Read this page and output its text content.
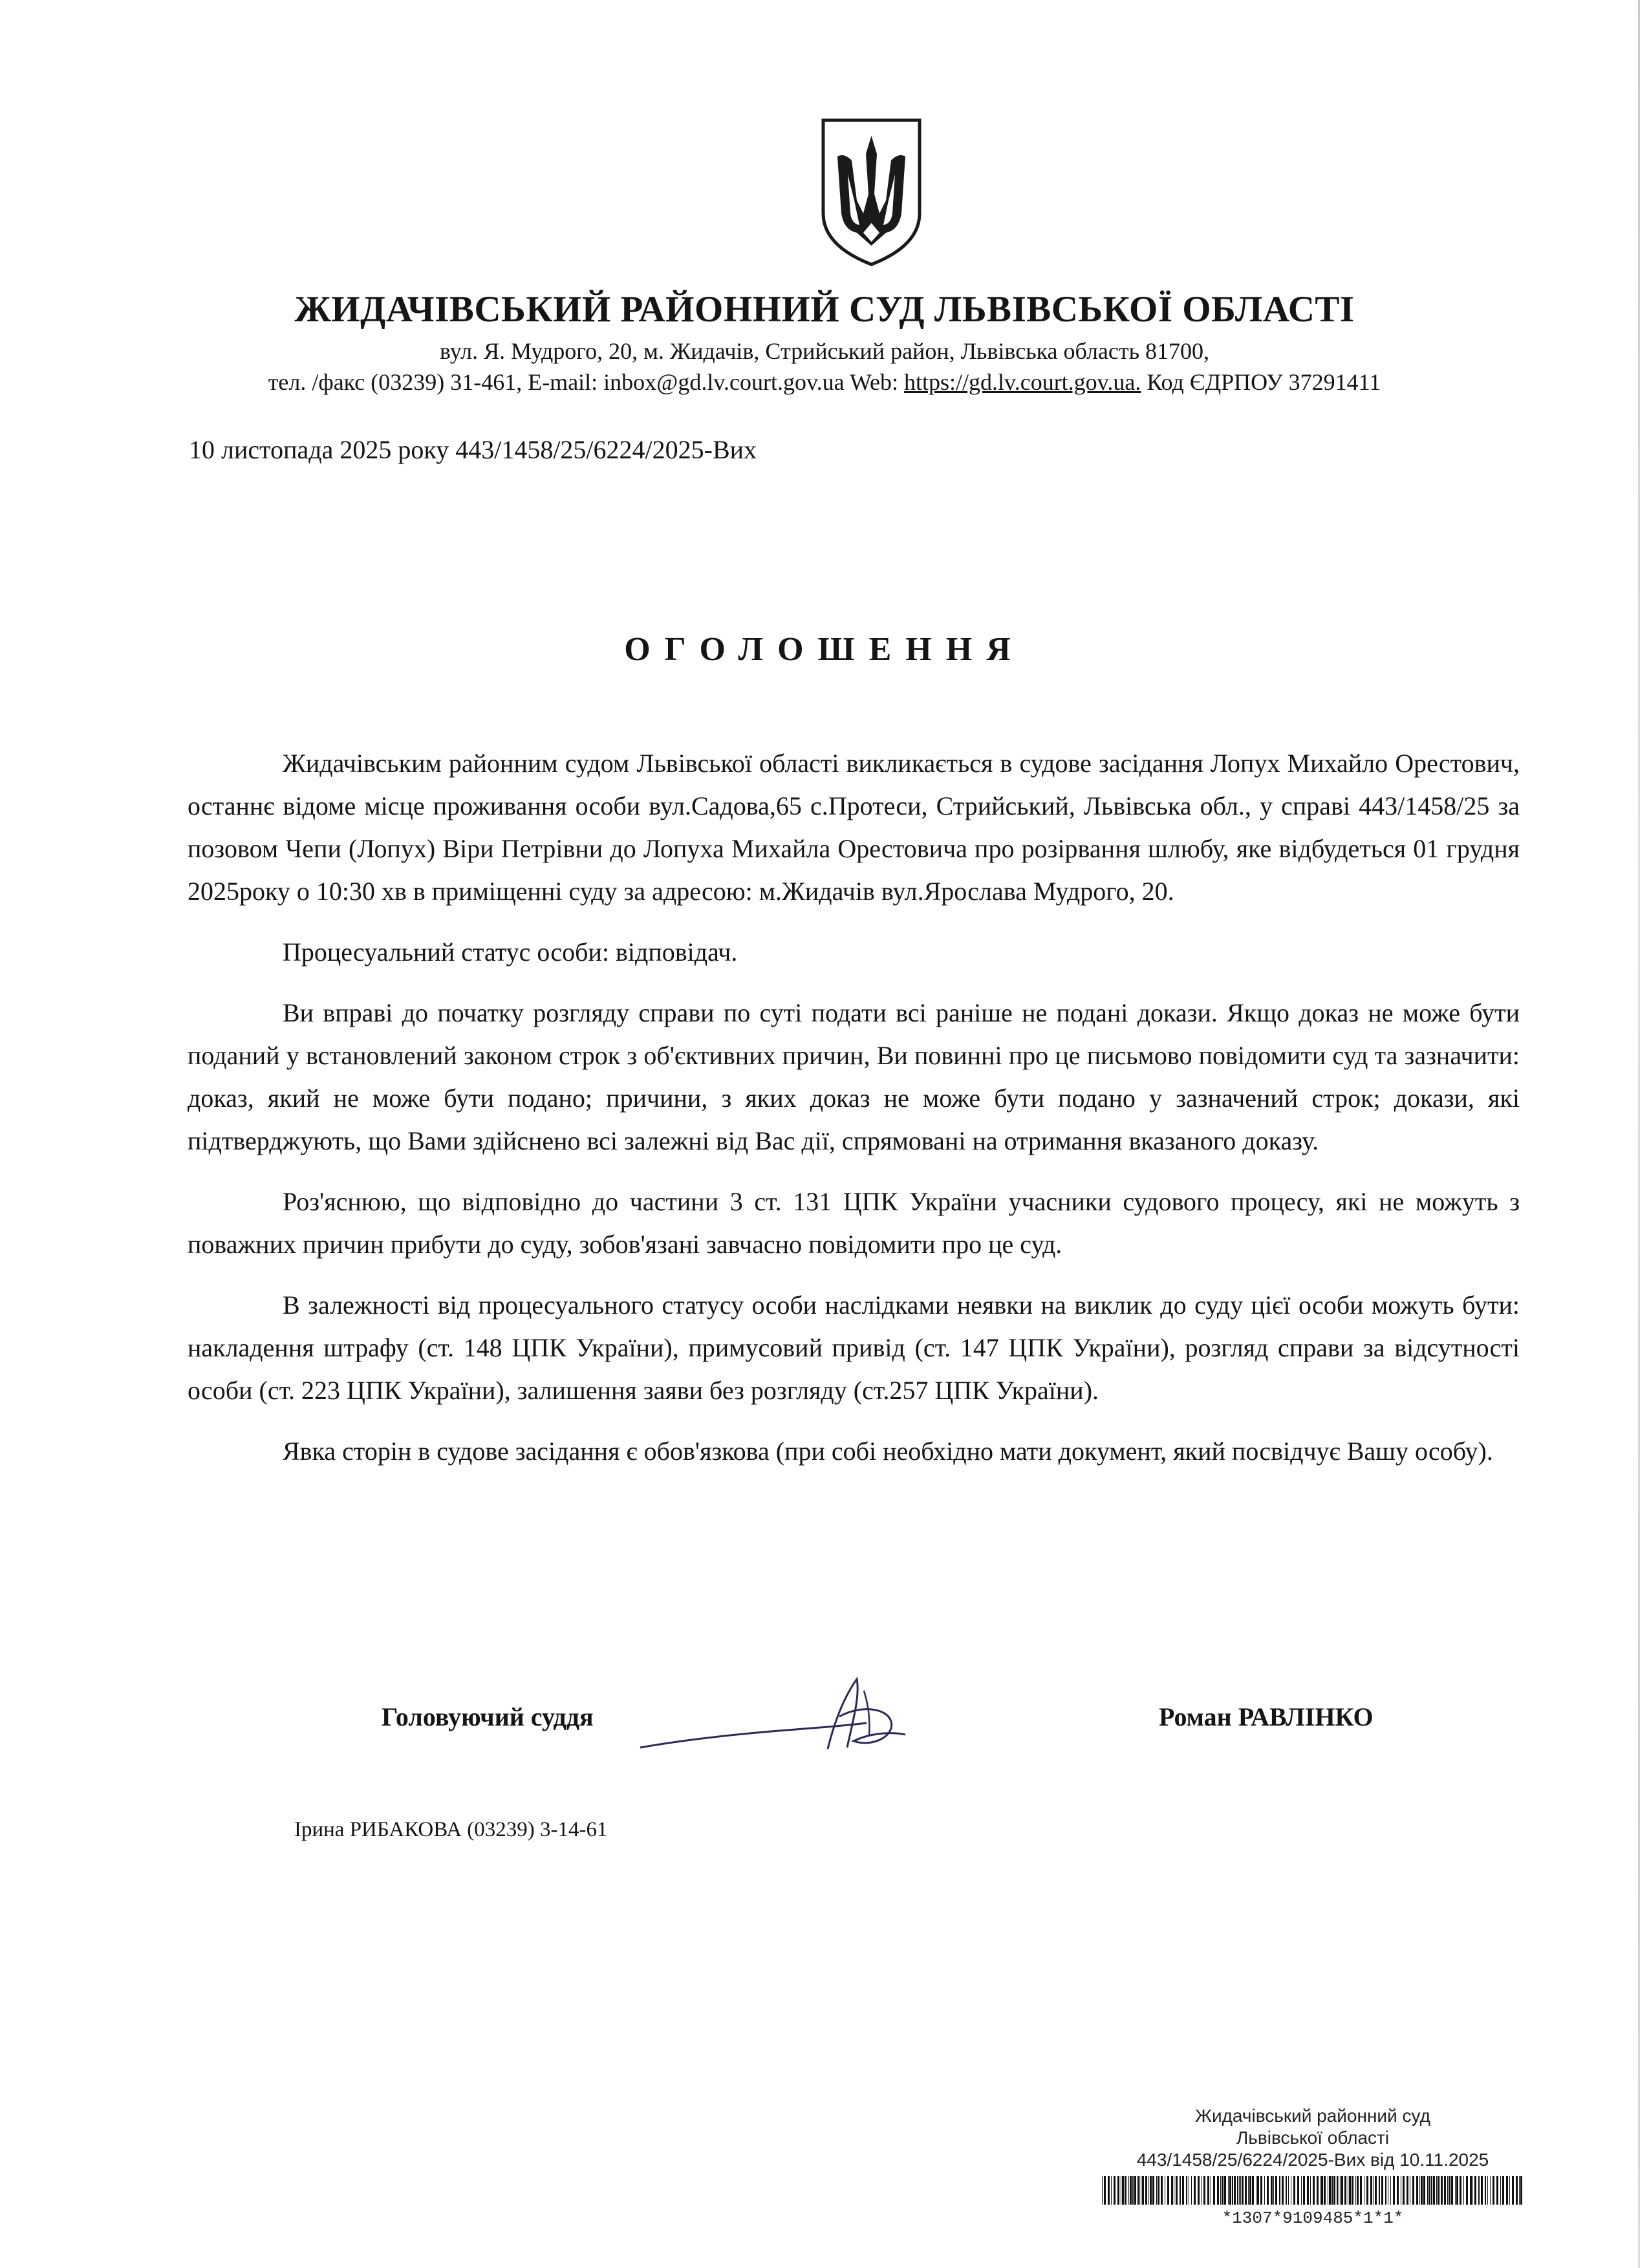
ЖИДАЧІВСЬКИЙ РАЙОННИЙ СУД ЛЬВІВСЬКОЇ ОБЛАСТІ
вул. Я. Мудрого, 20, м. Жидачів, Стрийський район, Львівська область 81700,
тел. /факс (03239) 31-461, E-mail: inbox@gd.lv.court.gov.ua Web: https://gd.lv.court.gov.ua. Код ЄДРПОУ 37291411
10 листопада 2025 року 443/1458/25/6224/2025-Вих
ОГОЛОШЕННЯ

Жидачівським районним судом Львівської області викликається в судове засідання Лопух Михайло Орестович, останнє відоме місце проживання особи вул.Садова,65 с.Протеси, Стрийський, Львівська обл., у справі 443/1458/25 за позовом Чепи (Лопух) Віри Петрівни до Лопуха Михайла Орестовича про розірвання шлюбу, яке відбудеться 01 грудня 2025року о 10:30 хв в приміщенні суду за адресою: м.Жидачів вул.Ярослава Мудрого, 20.

Процесуальний статус особи: відповідач.

Ви вправі до початку розгляду справи по суті подати всі раніше не подані докази. Якщо доказ не може бути поданий у встановлений законом строк з об'єктивних причин, Ви повинні про це письмово повідомити суд та зазначити: доказ, який не може бути подано; причини, з яких доказ не може бути подано у зазначений строк; докази, які підтверджують, що Вами здійснено всі залежні від Вас дії, спрямовані на отримання вказаного доказу.

Роз'яснюю, що відповідно до частини 3 ст. 131 ЦПК України учасники судового процесу, які не можуть з поважних причин прибути до суду, зобов'язані завчасно повідомити про це суд.

В залежності від процесуального статусу особи наслідками неявки на виклик до суду цієї особи можуть бути: накладення штрафу (ст. 148 ЦПК України), примусовий привід (ст. 147 ЦПК України), розгляд справи за відсутності особи (ст. 223 ЦПК України), залишення заяви без розгляду (ст.257 ЦПК України).

Явка сторін в судове засідання є обов'язкова (при собі необхідно мати документ, який посвідчує Вашу особу).

Головуючий суддя	Роман РАВЛІНКО
Ірина РИБАКОВА (03239) 3-14-61
Жидачівський районний суд
Львівської області
443/1458/25/6224/2025-Вих від 10.11.2025
*1307*9109485*1*1*
